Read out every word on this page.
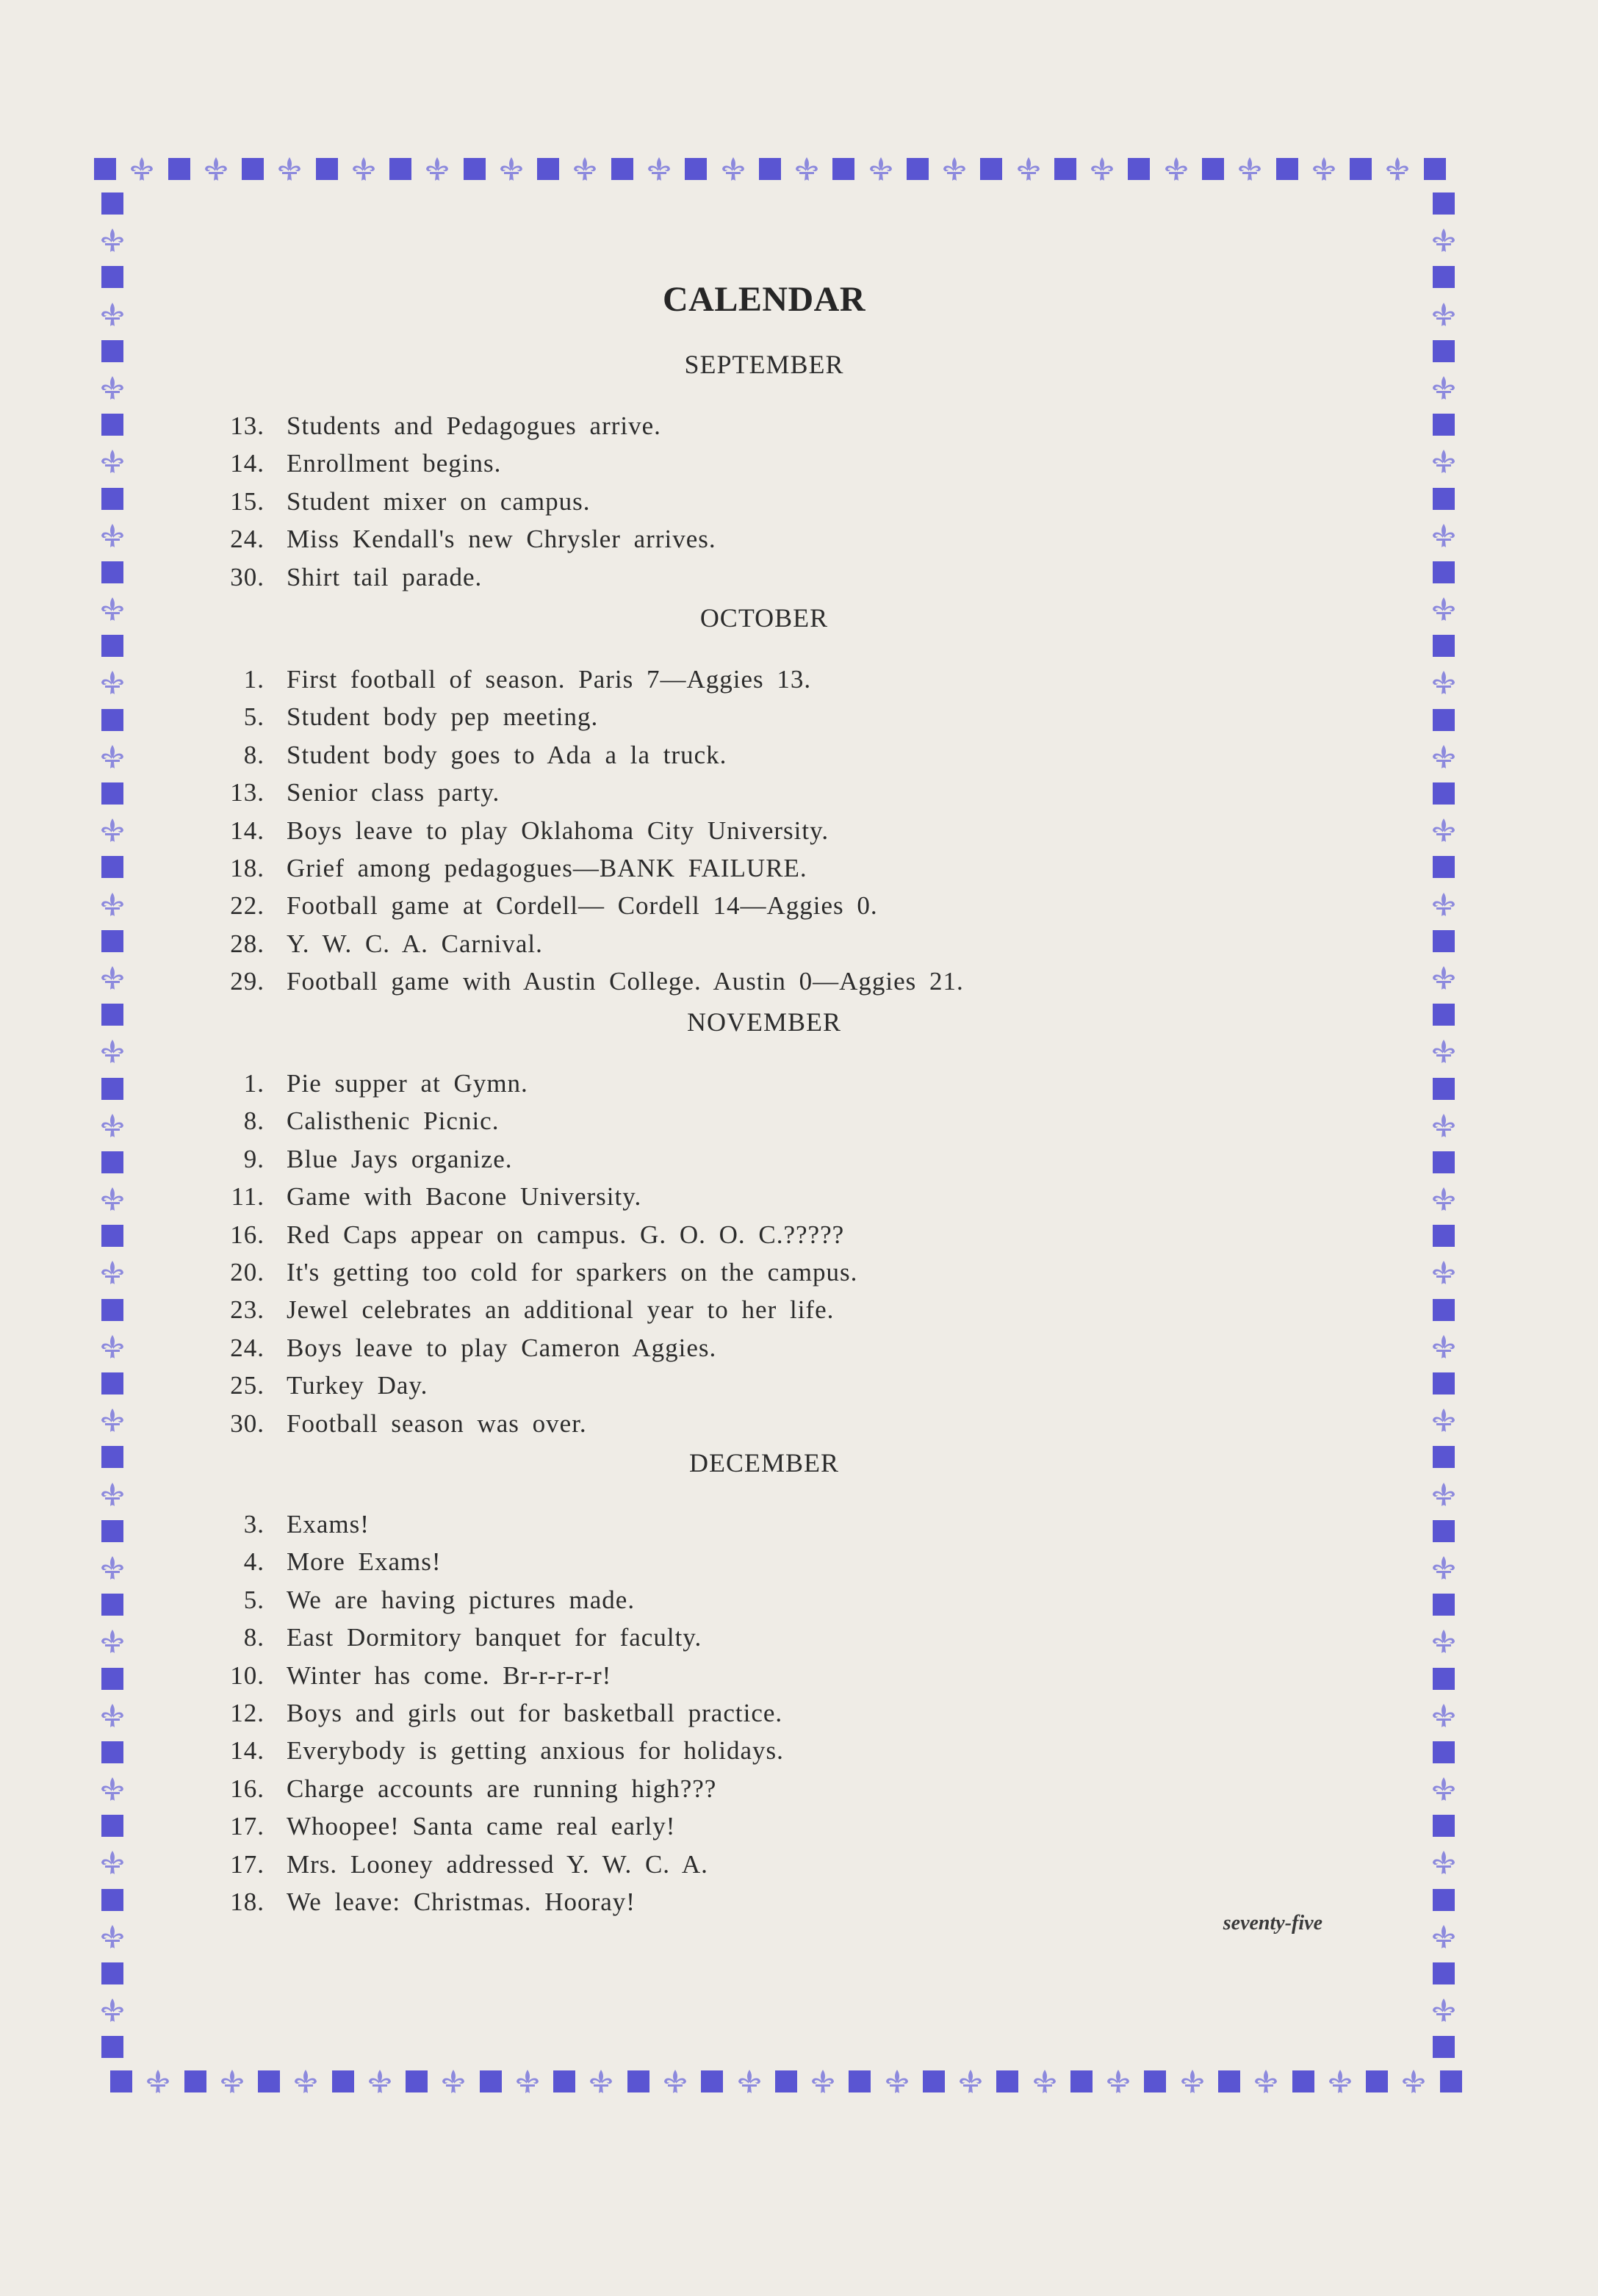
CALENDAR
SEPTEMBER
13. Students and Pedagogues arrive.
14. Enrollment begins.
15. Student mixer on campus.
24. Miss Kendall's new Chrysler arrives.
30. Shirt tail parade.
OCTOBER
1. First football of season. Paris 7—Aggies 13.
5. Student body pep meeting.
8. Student body goes to Ada a la truck.
13. Senior class party.
14. Boys leave to play Oklahoma City University.
18. Grief among pedagogues—BANK FAILURE.
22. Football game at Cordell— Cordell 14—Aggies 0.
28. Y. W. C. A. Carnival.
29. Football game with Austin College. Austin 0—Aggies 21.
NOVEMBER
1. Pie supper at Gymn.
8. Calisthenic Picnic.
9. Blue Jays organize.
11. Game with Bacone University.
16. Red Caps appear on campus. G. O. O. C.?????
20. It's getting too cold for sparkers on the campus.
23. Jewel celebrates an additional year to her life.
24. Boys leave to play Cameron Aggies.
25. Turkey Day.
30. Football season was over.
DECEMBER
3. Exams!
4. More Exams!
5. We are having pictures made.
8. East Dormitory banquet for faculty.
10. Winter has come. Br-r-r-r-r!
12. Boys and girls out for basketball practice.
14. Everybody is getting anxious for holidays.
16. Charge accounts are running high???
17. Whoopee! Santa came real early!
17. Mrs. Looney addressed Y. W. C. A.
18. We leave: Christmas. Hooray!
seventy-five
